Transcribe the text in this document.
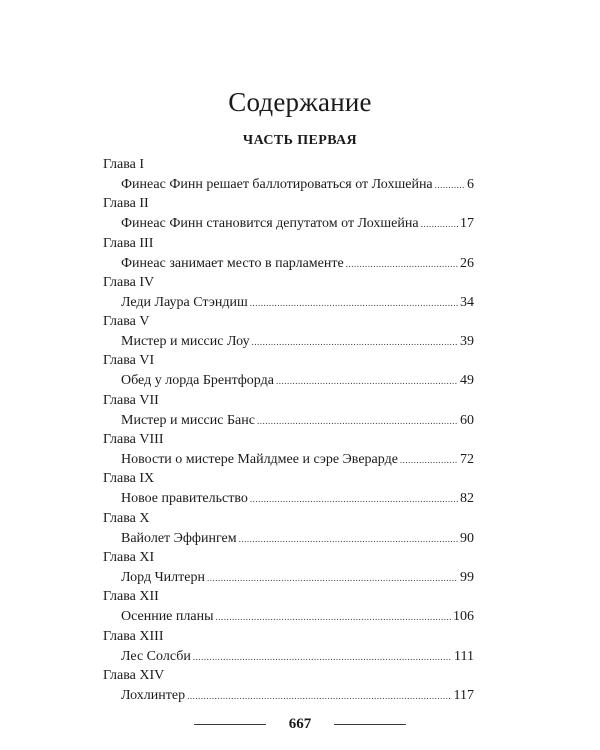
Содержание
ЧАСТЬ ПЕРВАЯ
Глава I
Финеас Финн решает баллотироваться от Лохшейна ..... 6
Глава II
Финеас Финн становится депутатом от Лохшейна .....	17
Глава III
Финеас занимает место в парламенте .....	26
Глава IV
Леди Лаура Стэндиш .....	34
Глава V
Мистер и миссис Лоу .....	39
Глава VI
Обед у лорда Брентфорда .....	49
Глава VII
Мистер и миссис Банс .....	60
Глава VIII
Новости о мистере Майлдмее и сэре Эверарде .....	72
Глава IX
Новое правительство .....	82
Глава X
Вайолет Эффингем .....	90
Глава XI
Лорд Чилтерн .....	99
Глава XII
Осенние планы .....	106
Глава XIII
Лес Солсби .....	111
Глава XIV
Лохлинтер .....	117
667
